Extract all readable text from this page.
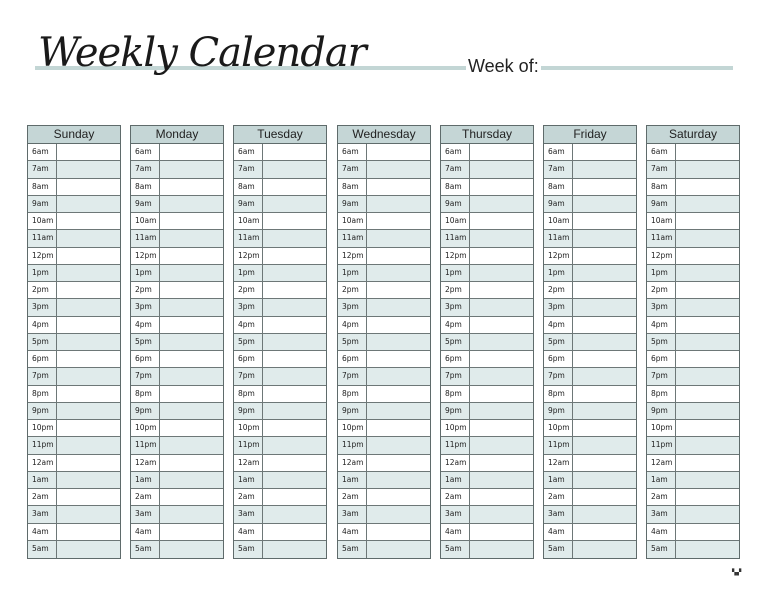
Weekly Calendar	Week of:
Sunday
6am
7am
8am
9am
10am
11am
12pm
1pm
2pm
3pm
4pm
5pm
6pm
7pm
8pm
9pm
10pm
11pm
12am
1am
2am
3am
4am
5am
Monday
6am
7am
8am
9am
10am
11am
12pm
1pm
2pm
3pm
4pm
5pm
6pm
7pm
8pm
9pm
10pm
11pm
12am
1am
2am
3am
4am
5am
Tuesday
6am
7am
8am
9am
10am
11am
12pm
1pm
2pm
3pm
4pm
5pm
6pm
7pm
8pm
9pm
10pm
11pm
12am
1am
2am
3am
4am
5am
Wednesday
6am
7am
8am
9am
10am
11am
12pm
1pm
2pm
3pm
4pm
5pm
6pm
7pm
8pm
9pm
10pm
11pm
12am
1am
2am
3am
4am
5am
Thursday
6am
7am
8am
9am
10am
11am
12pm
1pm
2pm
3pm
4pm
5pm
6pm
7pm
8pm
9pm
10pm
11pm
12am
1am
2am
3am
4am
5am
Friday
6am
7am
8am
9am
10am
11am
12pm
1pm
2pm
3pm
4pm
5pm
6pm
7pm
8pm
9pm
10pm
11pm
12am
1am
2am
3am
4am
5am
Saturday
6am
7am
8am
9am
10am
11am
12pm
1pm
2pm
3pm
4pm
5pm
6pm
7pm
8pm
9pm
10pm
11pm
12am
1am
2am
3am
4am
5am
▚▞
